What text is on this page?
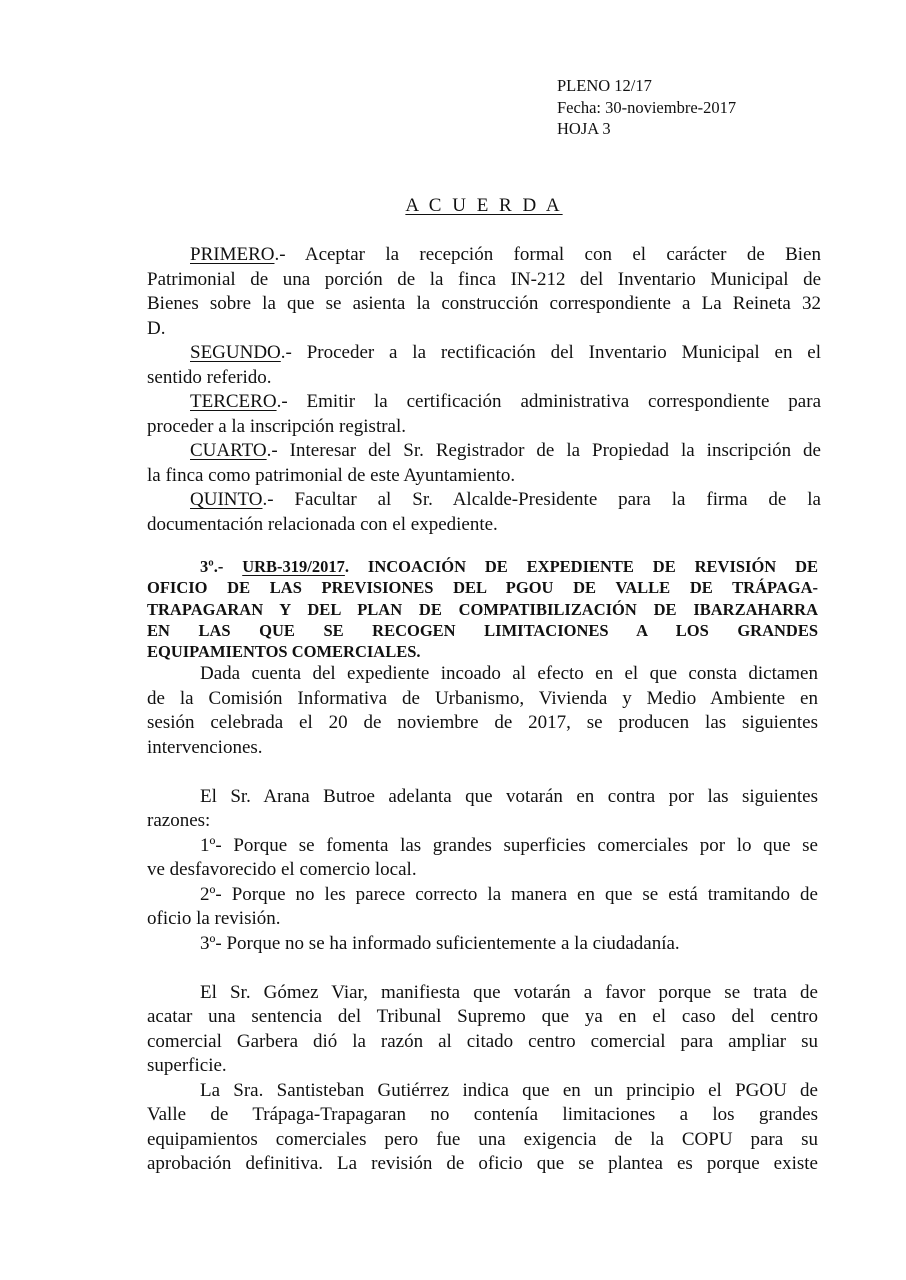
PLENO 12/17
Fecha: 30-noviembre-2017
HOJA 3
A C U E R D A
PRIMERO.- Aceptar la recepción formal con el carácter de Bien
Patrimonial de una porción de la finca IN-212 del Inventario Municipal de
Bienes sobre la que se asienta la construcción correspondiente a La Reineta 32
D.
SEGUNDO.- Proceder a la rectificación del Inventario Municipal en el
sentido referido.
TERCERO.- Emitir la certificación administrativa correspondiente para
proceder a la inscripción registral.
CUARTO.- Interesar del Sr. Registrador de la Propiedad la inscripción de
la finca como patrimonial de este Ayuntamiento.
QUINTO.- Facultar al Sr. Alcalde-Presidente para la firma de la
documentación relacionada con el expediente.
3º.- URB-319/2017. INCOACIÓN DE EXPEDIENTE DE REVISIÓN DE
OFICIO DE LAS PREVISIONES DEL PGOU DE VALLE DE TRÁPAGA-
TRAPAGARAN Y DEL PLAN DE COMPATIBILIZACIÓN DE IBARZAHARRA
EN LAS QUE SE RECOGEN LIMITACIONES A LOS GRANDES
EQUIPAMIENTOS COMERCIALES.
Dada cuenta del expediente incoado al efecto en el que consta dictamen
de la Comisión Informativa de Urbanismo, Vivienda y Medio Ambiente en
sesión celebrada el 20 de noviembre de 2017, se producen las siguientes
intervenciones.
El Sr. Arana Butroe adelanta que votarán en contra por las siguientes
razones:
1º- Porque se fomenta las grandes superficies comerciales por lo que se
ve desfavorecido el comercio local.
2º- Porque no les parece correcto la manera en que se está tramitando de
oficio la revisión.
3º- Porque no se ha informado suficientemente a la ciudadanía.
El Sr. Gómez Viar, manifiesta que votarán a favor porque se trata de
acatar una sentencia del Tribunal Supremo que ya en el caso del centro
comercial Garbera dió la razón al citado centro comercial para ampliar su
superficie.
La Sra. Santisteban Gutiérrez indica que en un principio el PGOU de
Valle de Trápaga-Trapagaran no contenía limitaciones a los grandes
equipamientos comerciales pero fue una exigencia de la COPU para su
aprobación definitiva. La revisión de oficio que se plantea es porque existe
